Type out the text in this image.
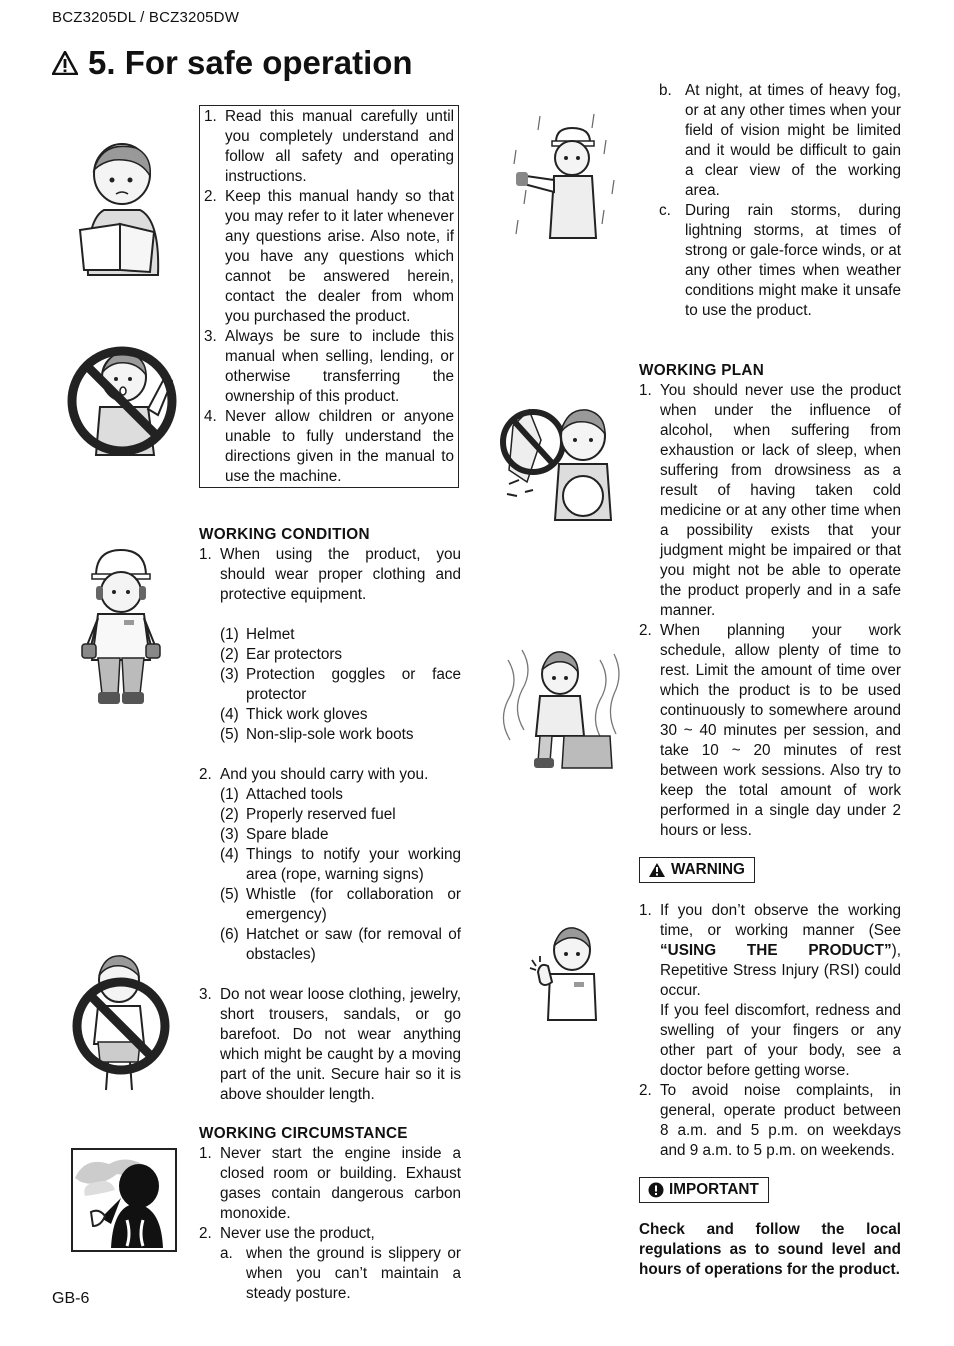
BCZ3205DL / BCZ3205DW
5. For safe operation
1. Read this manual carefully until you completely understand and follow all safety and operating instructions.
2. Keep this manual handy so that you may refer to it later whenever any questions arise. Also note, if you have any questions which cannot be answered herein, contact the dealer from whom you purchased the product.
3. Always be sure to include this manual when selling, lending, or otherwise transferring the ownership of this product.
4. Never allow children or anyone unable to fully understand the directions given in the manual to use the machine.
WORKING CONDITION
1. When using the product, you should wear proper clothing and protective equipment.
(1) Helmet
(2) Ear protectors
(3) Protection goggles or face protector
(4) Thick work gloves
(5) Non-slip-sole work boots
2. And you should carry with you.
(1) Attached tools
(2) Properly reserved fuel
(3) Spare blade
(4) Things to notify your working area (rope, warning signs)
(5) Whistle (for collaboration or emergency)
(6) Hatchet or saw (for removal of obstacles)
3. Do not wear loose clothing, jewelry, short trousers, sandals, or go barefoot. Do not wear anything which might be caught by a moving part of the unit. Secure hair so it is above shoulder length.
WORKING CIRCUMSTANCE
1. Never start the engine inside a closed room or building. Exhaust gases contain dangerous carbon monoxide.
2. Never use the product,
a. when the ground is slippery or when you can’t maintain a steady posture.
b. At night, at times of heavy fog, or at any other times when your field of vision might be limited and it would be difficult to gain a clear view of the working area.
c. During rain storms, during lightning storms, at times of strong or gale-force winds, or at any other times when weather conditions might make it unsafe to use the product.
WORKING PLAN
1. You should never use the product when under the influence of alcohol, when suffering from exhaustion or lack of sleep, when suffering from drowsiness as a result of having taken cold medicine or at any other time when a possibility exists that your judgment might be impaired or that you might not be able to operate the product properly and in a safe manner.
2. When planning your work schedule, allow plenty of time to rest. Limit the amount of time over which the product is to be used continuously to somewhere around 30 ~ 40 minutes per session, and take 10 ~ 20 minutes of rest between work sessions. Also try to keep the total amount of work performed in a single day under 2 hours or less.
WARNING
1. If you don’t observe the working time, or working manner (See “USING THE PRODUCT”), Repetitive Stress Injury (RSI) could occur.
If you feel discomfort, redness and swelling of your fingers or any other part of your body, see a doctor before getting worse.
2. To avoid noise complaints, in general, operate product between 8 a.m. and 5 p.m. on weekdays and 9 a.m. to 5 p.m. on weekends.
IMPORTANT
Check and follow the local regulations as to sound level and hours of operations for the product.
GB-6
